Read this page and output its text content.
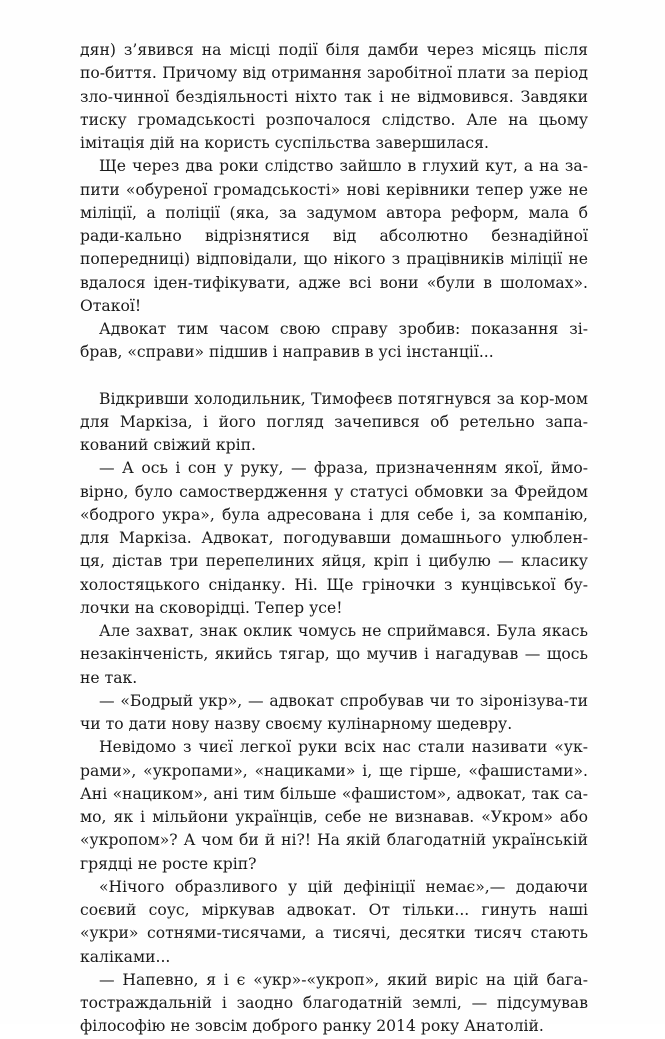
дян) з’явився на місці події біля дамби через місяць після по-биття. Причому від отримання заробітної плати за період зло-чинної бездіяльності ніхто так і не відмовився. Завдяки тиску громадськості розпочалося слідство. Але на цьому імітація дій на користь суспільства завершилася.

Ще через два роки слідство зайшло в глухий кут, а на за-пити «обуреної громадськості» нові керівники тепер уже не міліції, а поліції (яка, за задумом автора реформ, мала б ради-кально відрізнятися від абсолютно безнадійної попередниці) відповідали, що нікого з працівників міліції не вдалося іден-тифікувати, адже всі вони «були в шоломах». Отакої!

Адвокат тим часом свою справу зробив: показання зі-брав, «справи» підшив і направив в усі інстанції...

Відкривши холодильник, Тимофеєв потягнувся за кор-мом для Маркіза, і його погляд зачепився об ретельно запа-кований свіжий кріп.

— А ось і сон у руку, — фраза, призначенням якої, ймо-вірно, було самоствердження у статусі обмовки за Фрейдом «бодрого укра», була адресована і для себе і, за компанію, для Маркіза. Адвокат, погодувавши домашнього улюблен-ця, дістав три перепелиних яйця, кріп і цибулю — класику холостяцького сніданку. Ні. Ще грiночки з кунцівської бу-лочки на сковорідці. Тепер усе!

Але захват, знак оклик чомусь не сприймався. Була якась незакінченість, якийсь тягар, що мучив і нагадував — щось не так.

— «Бодрый укр», — адвокат спробував чи то зіронізува-ти чи то дати нову назву своєму кулінарному шедевру.

Невідомо з чиєї легкої руки всіх нас стали називати «ук-рами», «укропами», «нациками» і, ще гірше, «фашистами». Ані «нациком», ані тим більше «фашистом», адвокат, так са-мо, як і мільйони українців, себе не визнавав. «Укром» або «укропом»? А чом би й ні?! На якій благодатній українській грядці не росте кріп?

«Нічого образливого у цій дефініції немає»,— додаючи соєвий соус, міркував адвокат. От тільки... гинуть наші «укри» сотнями-тисячами, а тисячі, десятки тисяч стають каліками...

— Напевно, я і є «укр»-«укроп», який виріс на цій бага-тостраждальній і заодно благодатній землі, — підсумував філософію не зовсім доброго ранку 2014 року Анатолій.
